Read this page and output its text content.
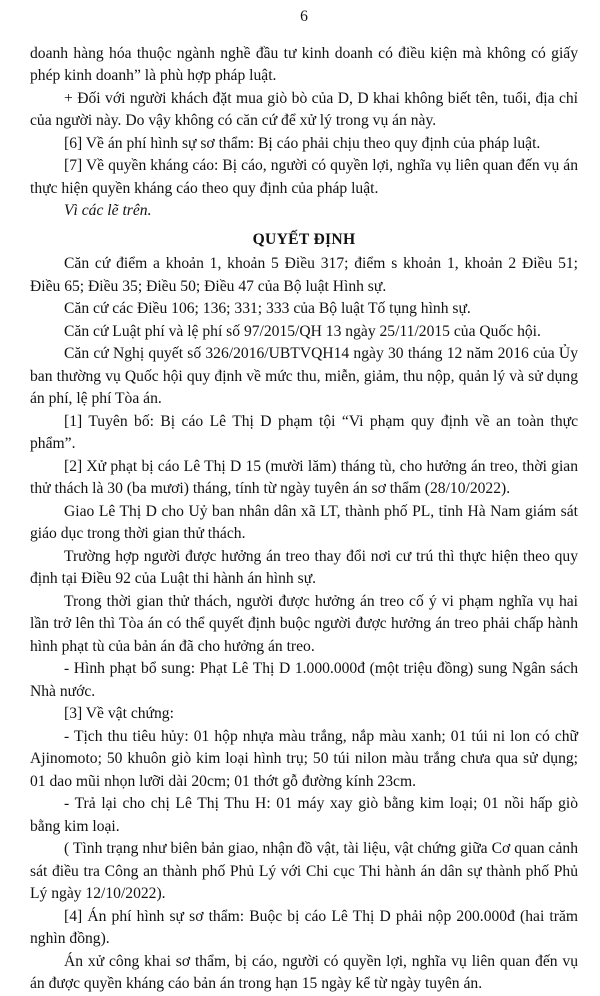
6

doanh hàng hóa thuộc ngành nghề đầu tư kinh doanh có điều kiện mà không có giấy phép kinh doanh” là phù hợp pháp luật.

+ Đối với người khách đặt mua giò bò của D, D khai không biết tên, tuổi, địa chỉ của người này. Do vậy không có căn cứ để xử lý trong vụ án này.

[6] Về án phí hình sự sơ thẩm: Bị cáo phải chịu theo quy định của pháp luật.

[7] Về quyền kháng cáo: Bị cáo, người có quyền lợi, nghĩa vụ liên quan đến vụ án thực hiện quyền kháng cáo theo quy định của pháp luật.

Vì các lẽ trên.

QUYẾT ĐỊNH

Căn cứ điểm a khoản 1, khoản 5 Điều 317; điểm s khoản 1, khoản 2 Điều 51; Điều 65; Điều 35; Điều 50; Điều 47 của Bộ luật Hình sự.

Căn cứ các Điều 106; 136; 331; 333 của Bộ luật Tố tụng hình sự.

Căn cứ Luật phí và lệ phí số 97/2015/QH 13 ngày 25/11/2015 của Quốc hội.

Căn cứ Nghị quyết số 326/2016/UBTVQH14 ngày 30 tháng 12 năm 2016 của Ủy ban thường vụ Quốc hội quy định về mức thu, miễn, giảm, thu nộp, quản lý và sử dụng án phí, lệ phí Tòa án.

[1] Tuyên bố: Bị cáo Lê Thị D phạm tội “Vi phạm quy định về an toàn thực phẩm”.

[2] Xử phạt bị cáo Lê Thị D 15 (mười lăm) tháng tù, cho hưởng án treo, thời gian thử thách là 30 (ba mươi) tháng, tính từ ngày tuyên án sơ thẩm (28/10/2022).

Giao Lê Thị D cho Uỷ ban nhân dân xã LT, thành phố PL, tỉnh Hà Nam giám sát giáo dục trong thời gian thử thách.

Trường hợp người được hưởng án treo thay đổi nơi cư trú thì thực hiện theo quy định tại Điều 92 của Luật thi hành án hình sự.

Trong thời gian thử thách, người được hưởng án treo cố ý vi phạm nghĩa vụ hai lần trở lên thì Tòa án có thể quyết định buộc người được hưởng án treo phải chấp hành hình phạt tù của bản án đã cho hưởng án treo.

- Hình phạt bổ sung: Phạt Lê Thị D 1.000.000đ (một triệu đồng) sung Ngân sách Nhà nước.

[3] Về vật chứng:

- Tịch thu tiêu hủy: 01 hộp nhựa màu trắng, nắp màu xanh; 01 túi ni lon có chữ Ajinomoto; 50 khuôn giò kim loại hình trụ; 50 túi nilon màu trắng chưa qua sử dụng; 01 dao mũi nhọn lưỡi dài 20cm; 01 thớt gỗ đường kính 23cm.

- Trả lại cho chị Lê Thị Thu H: 01 máy xay giò bằng kim loại; 01 nồi hấp giò bằng kim loại.

( Tình trạng như biên bản giao, nhận đồ vật, tài liệu, vật chứng giữa Cơ quan cảnh sát điều tra Công an thành phố Phủ Lý với Chi cục Thi hành án dân sự thành phố Phủ Lý ngày 12/10/2022).

[4] Án phí hình sự sơ thẩm: Buộc bị cáo Lê Thị D phải nộp 200.000đ (hai trăm nghìn đồng).

Án xử công khai sơ thẩm, bị cáo, người có quyền lợi, nghĩa vụ liên quan đến vụ án được quyền kháng cáo bản án trong hạn 15 ngày kể từ ngày tuyên án.
